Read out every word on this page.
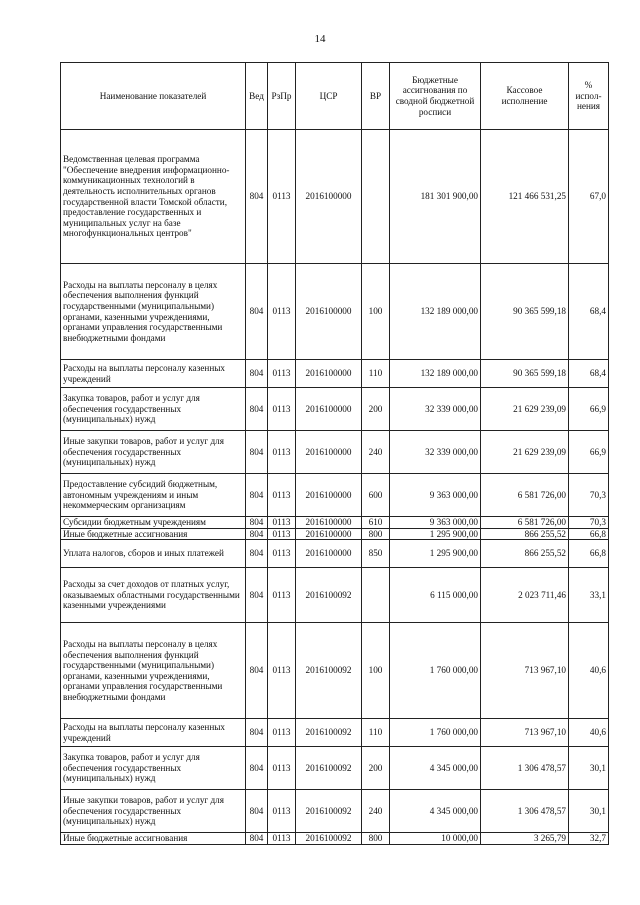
14
Наименование показателей	Вед	РзПр	ЦСР	ВР	Бюджетные ассигнования по сводной бюджетной росписи	Кассовое исполнение	% испол-нения
Ведомственная целевая программа "Обеспечение внедрения информационно-коммуникационных технологий в деятельность исполнительных органов государственной власти Томской области, предоставление государственных и муниципальных услуг на базе многофункциональных центров"	804	0113	2016100000		181 301 900,00	121 466 531,25	67,0
Расходы на выплаты персоналу в целях обеспечения выполнения функций государственными (муниципальными) органами, казенными учреждениями, органами управления государственными внебюджетными фондами	804	0113	2016100000	100	132 189 000,00	90 365 599,18	68,4
Расходы на выплаты персоналу казенных учреждений	804	0113	2016100000	110	132 189 000,00	90 365 599,18	68,4
Закупка товаров, работ и услуг для обеспечения государственных (муниципальных) нужд	804	0113	2016100000	200	32 339 000,00	21 629 239,09	66,9
Иные закупки товаров, работ и услуг для обеспечения государственных (муниципальных) нужд	804	0113	2016100000	240	32 339 000,00	21 629 239,09	66,9
Предоставление субсидий бюджетным, автономным учреждениям и иным некоммерческим организациям	804	0113	2016100000	600	9 363 000,00	6 581 726,00	70,3
Субсидии бюджетным учреждениям	804	0113	2016100000	610	9 363 000,00	6 581 726,00	70,3
Иные бюджетные ассигнования	804	0113	2016100000	800	1 295 900,00	866 255,52	66,8
Уплата налогов, сборов и иных платежей	804	0113	2016100000	850	1 295 900,00	866 255,52	66,8
Расходы за счет доходов от платных услуг, оказываемых областными государственными казенными учреждениями	804	0113	2016100092		6 115 000,00	2 023 711,46	33,1
Расходы на выплаты персоналу в целях обеспечения выполнения функций государственными (муниципальными) органами, казенными учреждениями, органами управления государственными внебюджетными фондами	804	0113	2016100092	100	1 760 000,00	713 967,10	40,6
Расходы на выплаты персоналу казенных учреждений	804	0113	2016100092	110	1 760 000,00	713 967,10	40,6
Закупка товаров, работ и услуг для обеспечения государственных (муниципальных) нужд	804	0113	2016100092	200	4 345 000,00	1 306 478,57	30,1
Иные закупки товаров, работ и услуг для обеспечения государственных (муниципальных) нужд	804	0113	2016100092	240	4 345 000,00	1 306 478,57	30,1
Иные бюджетные ассигнования	804	0113	2016100092	800	10 000,00	3 265,79	32,7
